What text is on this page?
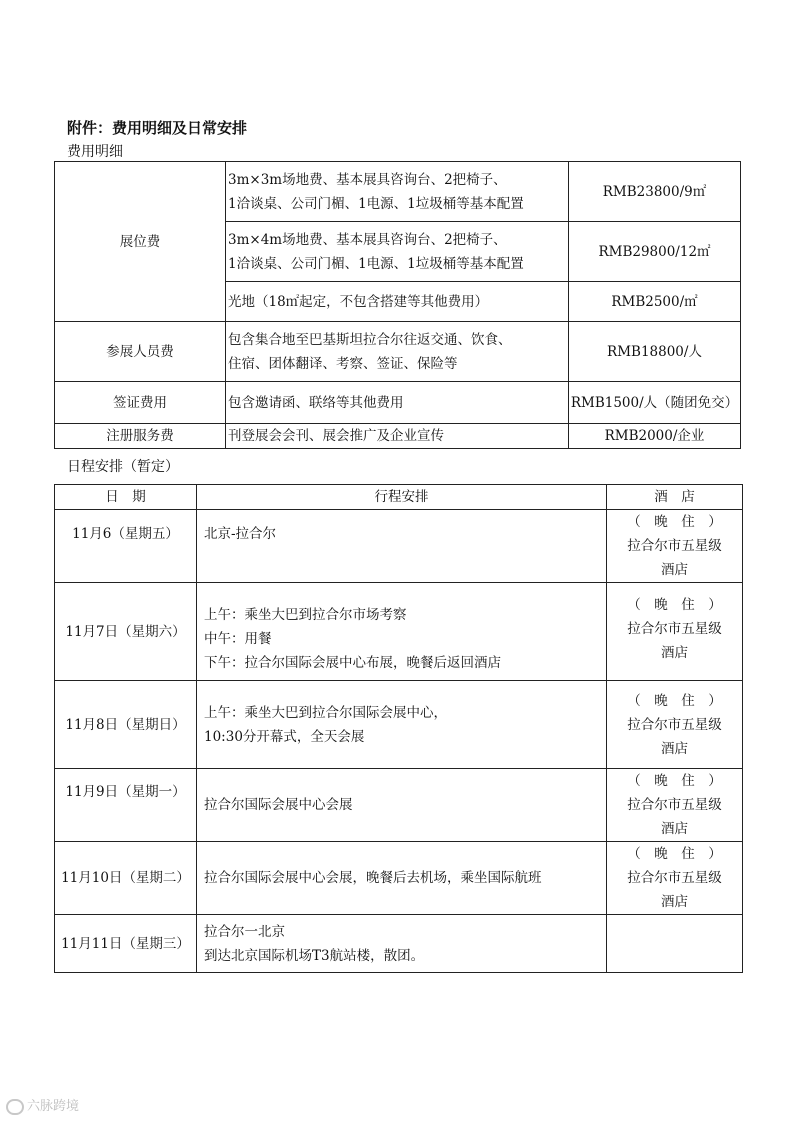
附件：费用明细及日常安排
费用明细
展位费	3m×3m场地费、基本展具咨询台、2把椅子、
1洽谈桌、公司门楣、1电源、1垃圾桶等基本配置	RMB23800/9㎡

	3m×4m场地费、基本展具咨询台、2把椅子、
1洽谈桌、公司门楣、1电源、1垃圾桶等基本配置	RMB29800/12㎡
	光地（18㎡起定，不包含搭建等其他费用）	RMB2500/㎡
参展人员费	包含集合地至巴基斯坦拉合尔往返交通、饮食、
住宿、团体翻译、考察、签证、保险等	RMB18800/人
签证费用	包含邀请函、联络等其他费用	RMB1500/人（随团免交）
注册服务费	刊登展会会刊、展会推广及企业宣传	RMB2000/企业
日程安排（暂定）
日　期	行程安排	酒　店
11月6（星期五）	北京-拉合尔	（　晚　住　）
拉合尔市五星级
酒店

11月7日（星期六）	上午：乘坐大巴到拉合尔市场考察
中午：用餐
下午：拉合尔国际会展中心布展，晚餐后返回酒店	（　晚　住　）
拉合尔市五星级
酒店

11月8日（星期日）	上午：乘坐大巴到拉合尔国际会展中心，
10:30分开幕式，全天会展	（　晚　住　）
拉合尔市五星级
酒店

11月9日（星期一）	拉合尔国际会展中心会展	（　晚　住　）
拉合尔市五星级
酒店

11月10日（星期二）	拉合尔国际会展中心会展，晚餐后去机场，乘坐国际航班	（　晚　住　）
拉合尔市五星级
酒店

11月11日（星期三）	拉合尔一北京
到达北京国际机场T3航站楼，散团。	

六脉跨境
